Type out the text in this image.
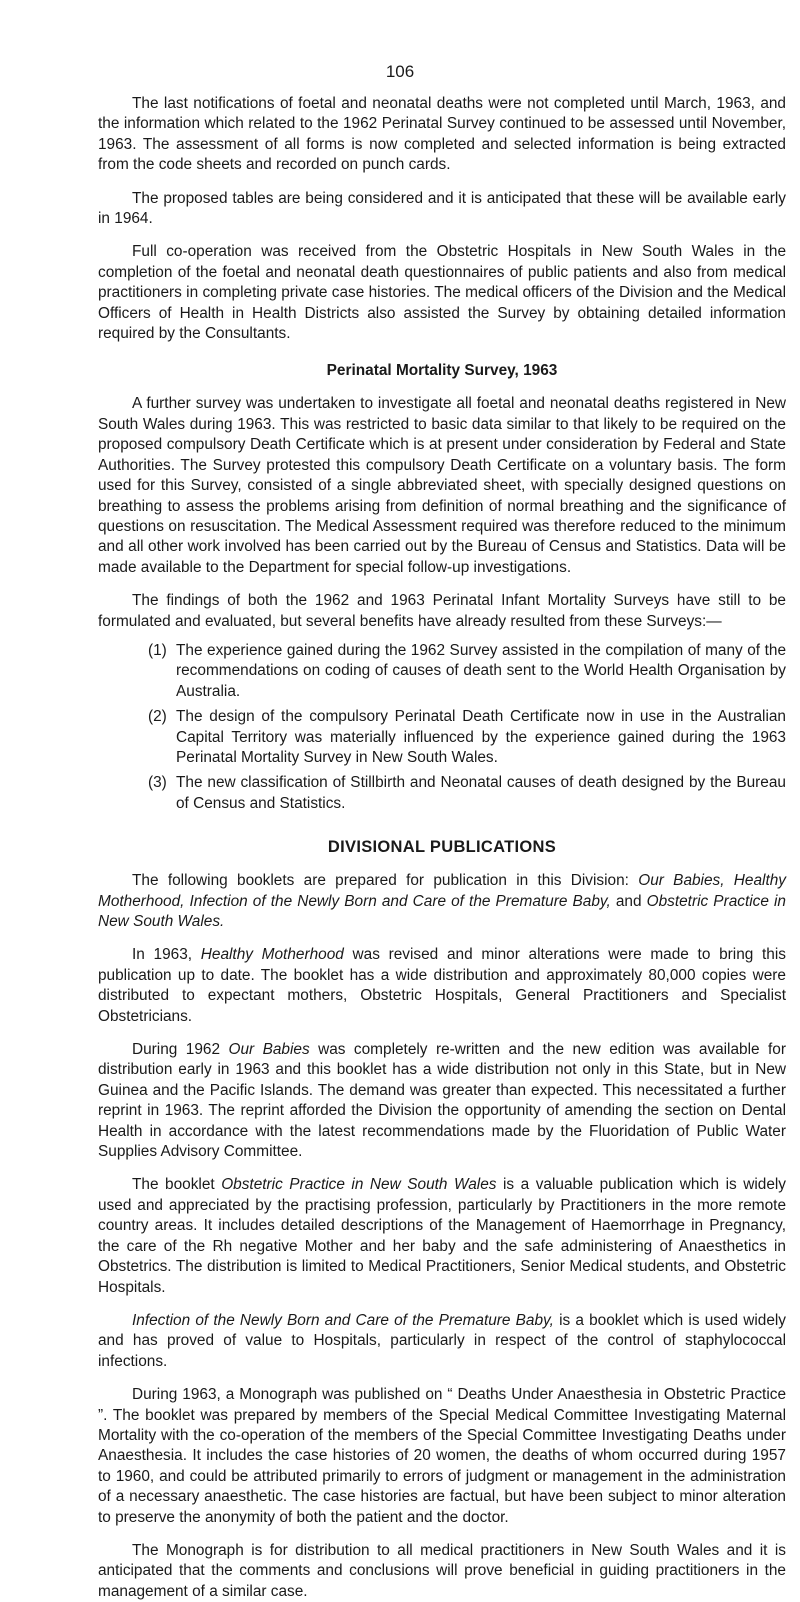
106

The last notifications of foetal and neonatal deaths were not completed until March, 1963, and the information which related to the 1962 Perinatal Survey continued to be assessed until November, 1963. The assessment of all forms is now completed and selected information is being extracted from the code sheets and recorded on punch cards.

The proposed tables are being considered and it is anticipated that these will be available early in 1964.

Full co-operation was received from the Obstetric Hospitals in New South Wales in the completion of the foetal and neonatal death questionnaires of public patients and also from medical practitioners in completing private case histories. The medical officers of the Division and the Medical Officers of Health in Health Districts also assisted the Survey by obtaining detailed information required by the Consultants.

Perinatal Mortality Survey, 1963

A further survey was undertaken to investigate all foetal and neonatal deaths registered in New South Wales during 1963. This was restricted to basic data similar to that likely to be required on the proposed compulsory Death Certificate which is at present under consideration by Federal and State Authorities. The Survey protested this compulsory Death Certificate on a voluntary basis. The form used for this Survey, consisted of a single abbreviated sheet, with specially designed questions on breathing to assess the problems arising from definition of normal breathing and the significance of questions on resuscitation. The Medical Assessment required was therefore reduced to the minimum and all other work involved has been carried out by the Bureau of Census and Statistics. Data will be made available to the Department for special follow-up investigations.

The findings of both the 1962 and 1963 Perinatal Infant Mortality Surveys have still to be formulated and evaluated, but several benefits have already resulted from these Surveys:—

(1) The experience gained during the 1962 Survey assisted in the compilation of many of the recommendations on coding of causes of death sent to the World Health Organisation by Australia.
(2) The design of the compulsory Perinatal Death Certificate now in use in the Australian Capital Territory was materially influenced by the experience gained during the 1963 Perinatal Mortality Survey in New South Wales.
(3) The new classification of Stillbirth and Neonatal causes of death designed by the Bureau of Census and Statistics.
DIVISIONAL PUBLICATIONS

The following booklets are prepared for publication in this Division: Our Babies, Healthy Motherhood, Infection of the Newly Born and Care of the Premature Baby, and Obstetric Practice in New South Wales.

In 1963, Healthy Motherhood was revised and minor alterations were made to bring this publication up to date. The booklet has a wide distribution and approximately 80,000 copies were distributed to expectant mothers, Obstetric Hospitals, General Practitioners and Specialist Obstetricians.

During 1962 Our Babies was completely re-written and the new edition was available for distribution early in 1963 and this booklet has a wide distribution not only in this State, but in New Guinea and the Pacific Islands. The demand was greater than expected. This necessitated a further reprint in 1963. The reprint afforded the Division the opportunity of amending the section on Dental Health in accordance with the latest recommendations made by the Fluoridation of Public Water Supplies Advisory Committee.

The booklet Obstetric Practice in New South Wales is a valuable publication which is widely used and appreciated by the practising profession, particularly by Practitioners in the more remote country areas. It includes detailed descriptions of the Management of Haemorrhage in Pregnancy, the care of the Rh negative Mother and her baby and the safe administering of Anaesthetics in Obstetrics. The distribution is limited to Medical Practitioners, Senior Medical students, and Obstetric Hospitals.

Infection of the Newly Born and Care of the Premature Baby, is a booklet which is used widely and has proved of value to Hospitals, particularly in respect of the control of staphylococcal infections.

During 1963, a Monograph was published on “ Deaths Under Anaesthesia in Obstetric Practice ”. The booklet was prepared by members of the Special Medical Committee Investigating Maternal Mortality with the co-operation of the members of the Special Committee Investigating Deaths under Anaesthesia. It includes the case histories of 20 women, the deaths of whom occurred during 1957 to 1960, and could be attributed primarily to errors of judgment or management in the administration of a necessary anaesthetic. The case histories are factual, but have been subject to minor alteration to preserve the anonymity of both the patient and the doctor.

The Monograph is for distribution to all medical practitioners in New South Wales and it is anticipated that the comments and conclusions will prove beneficial in guiding practitioners in the management of a similar case.
